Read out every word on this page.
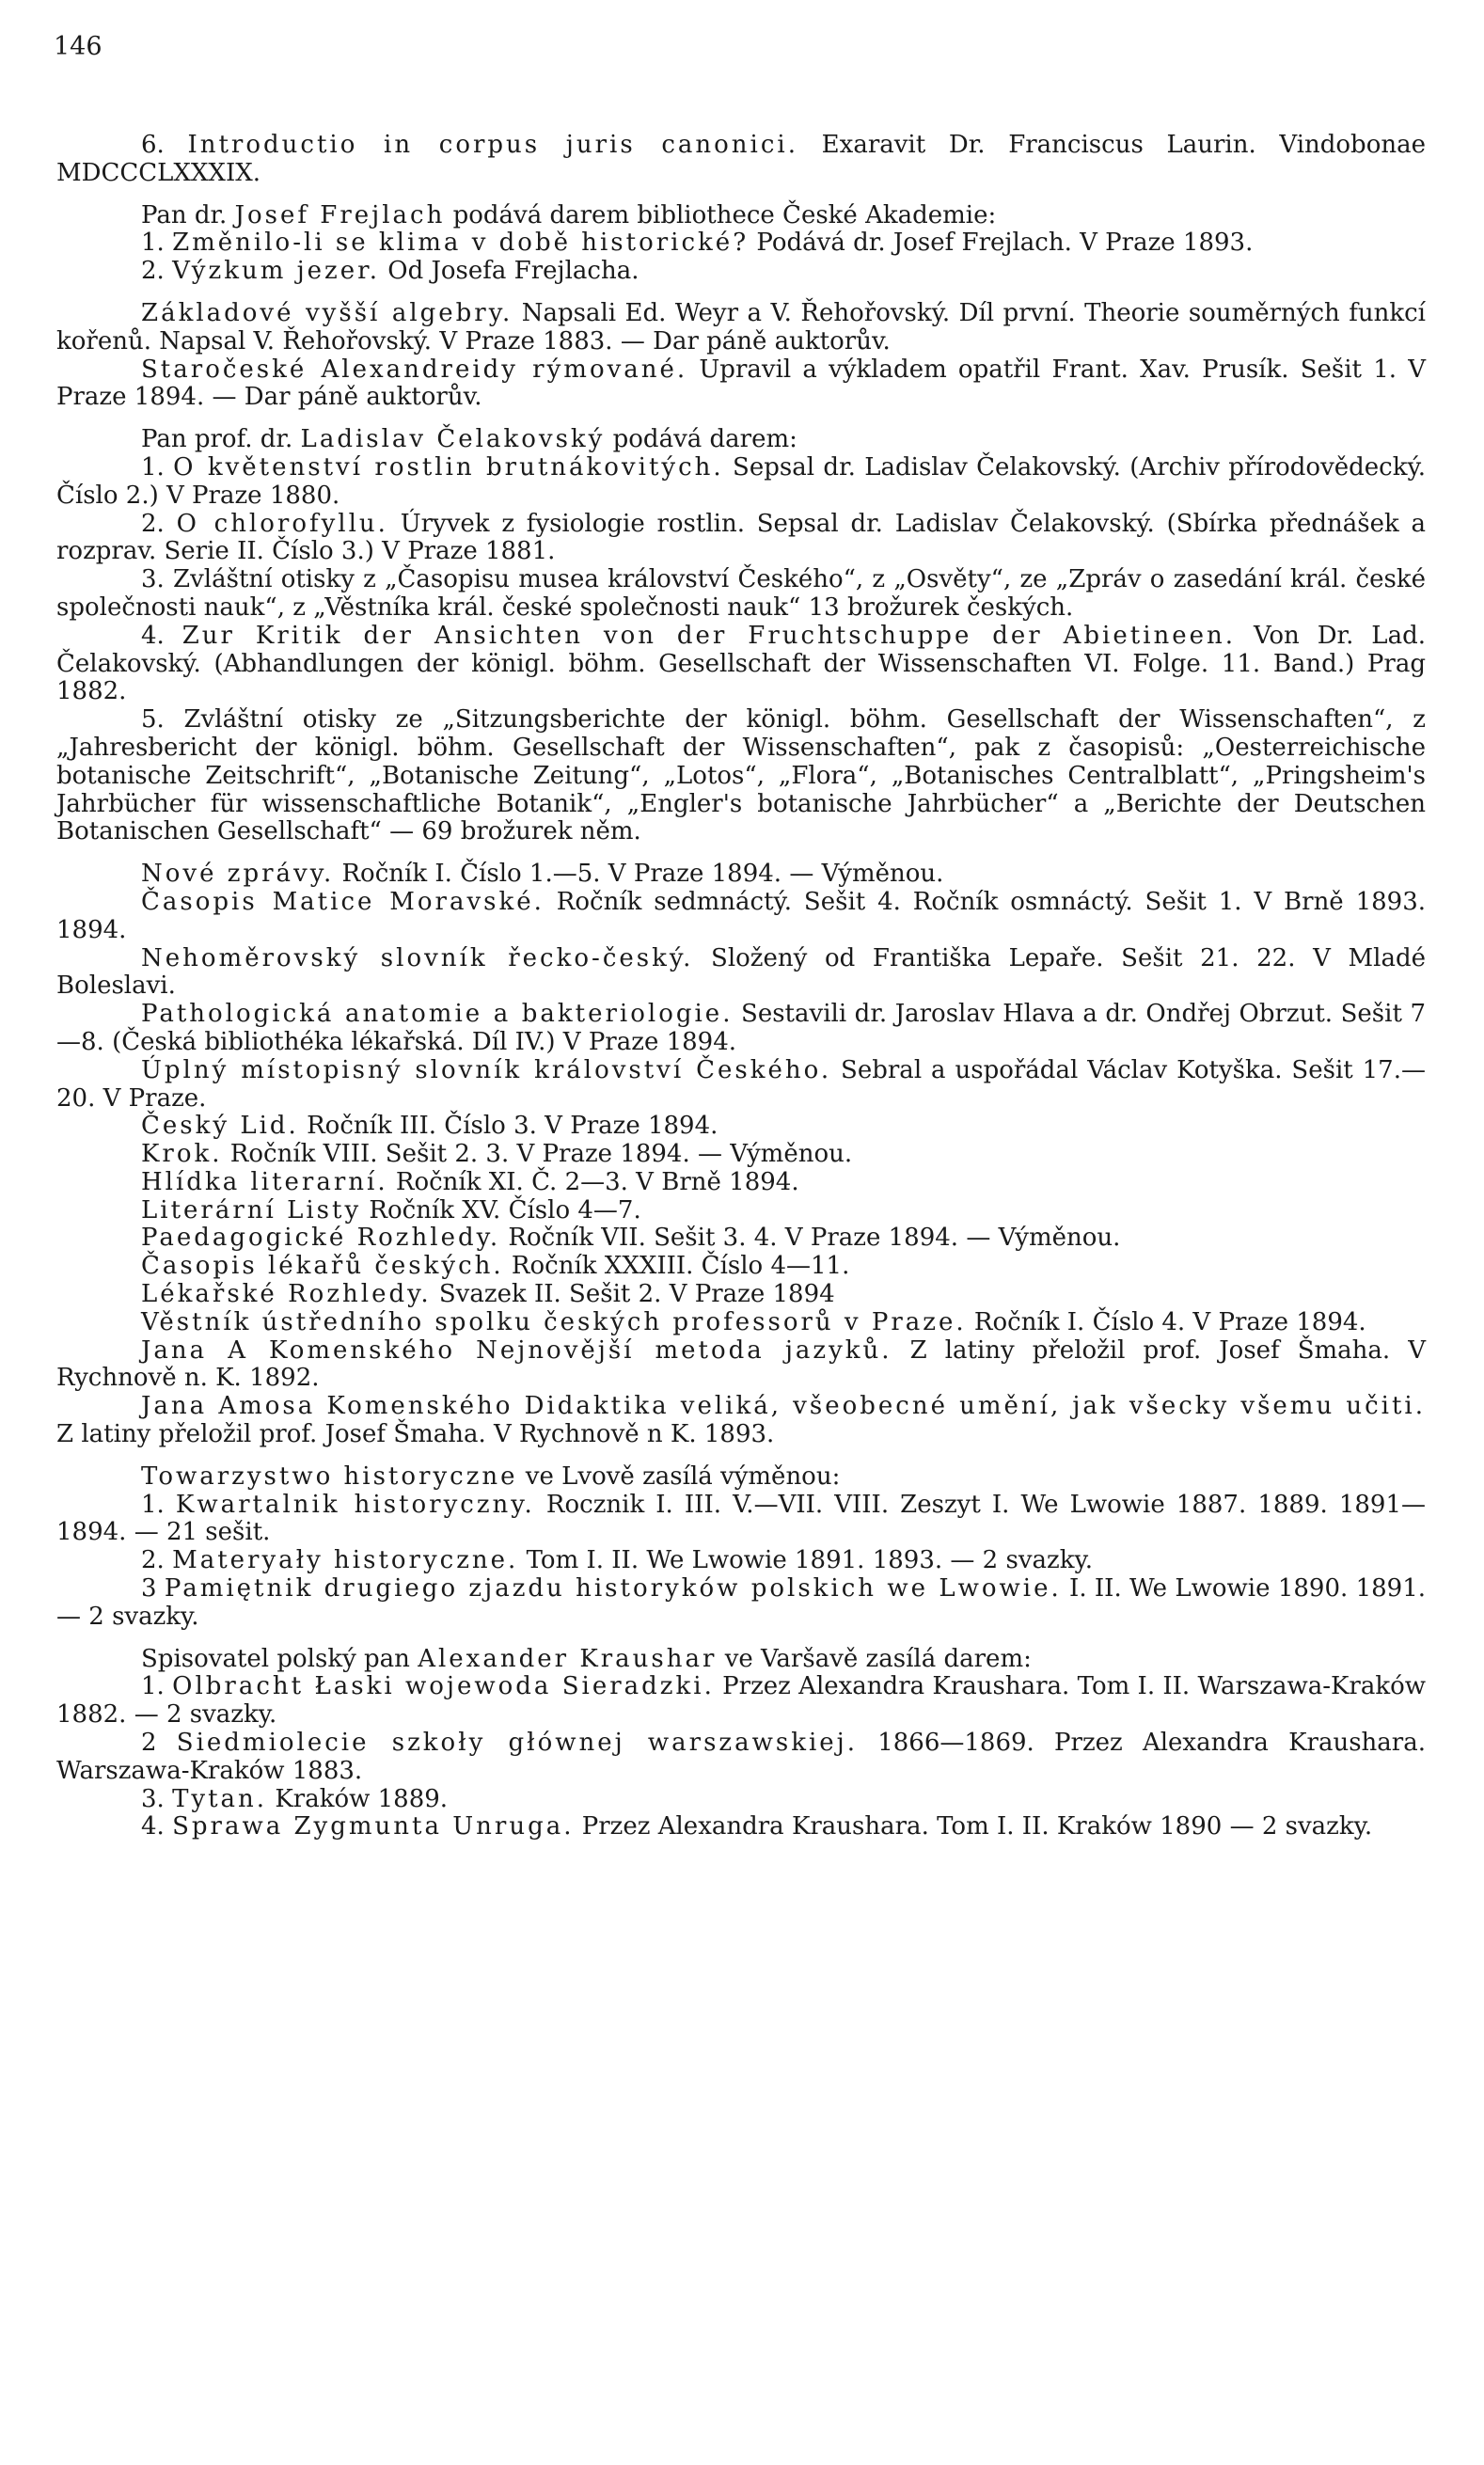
146

6. Introductio in corpus juris canonici. Exaravit Dr. Franciscus Laurin. Vindobonae MDCCCLXXXIX.

Pan dr. Josef Frejlach podává darem bibliothece České Akademie:

1. Změnilo-li se klima v době historické? Podává dr. Josef Frejlach. V Praze 1893.

2. Výzkum jezer. Od Josefa Frejlacha.

Základové vyšší algebry. Napsali Ed. Weyr a V. Řehořovský. Díl první. Theorie souměrných funkcí kořenů. Napsal V. Řehořovský. V Praze 1883. — Dar páně auktorův.

Staročeské Alexandreidy rýmované. Upravil a výkladem opatřil Frant. Xav. Prusík. Sešit 1. V Praze 1894. — Dar páně auktorův.

Pan prof. dr. Ladislav Čelakovský podává darem:

1. O květenství rostlin brutnákovitých. Sepsal dr. Ladislav Čelakovský. (Archiv přírodovědecký. Číslo 2.) V Praze 1880.

2. O chlorofyllu. Úryvek z fysiologie rostlin. Sepsal dr. Ladislav Čelakovský. (Sbírka přednášek a rozprav. Serie II. Číslo 3.) V Praze 1881.

3. Zvláštní otisky z „Časopisu musea království Českého“, z „Osvěty“, ze „Zpráv o zasedání král. české společnosti nauk“, z „Věstníka král. české společnosti nauk“ 13 brožurek českých.

4. Zur Kritik der Ansichten von der Fruchtschuppe der Abietineen. Von Dr. Lad. Čelakovský. (Abhandlungen der königl. böhm. Gesellschaft der Wissenschaften VI. Folge. 11. Band.) Prag 1882.

5. Zvláštní otisky ze „Sitzungsberichte der königl. böhm. Gesellschaft der Wissenschaften“, z „Jahresbericht der königl. böhm. Gesellschaft der Wissenschaften“, pak z časopisů: „Oesterreichische botanische Zeitschrift“, „Botanische Zeitung“, „Lotos“, „Flora“, „Botanisches Centralblatt“, „Pringsheim's Jahrbücher für wissenschaftliche Botanik“, „Engler's botanische Jahrbücher“ a „Berichte der Deutschen Botanischen Gesellschaft“ — 69 brožurek něm.

Nové zprávy. Ročník I. Číslo 1.—5. V Praze 1894. — Výměnou.

Časopis Matice Moravské. Ročník sedmnáctý. Sešit 4. Ročník osmnáctý. Sešit 1. V Brně 1893. 1894.

Nehoměrovský slovník řecko-český. Složený od Františka Lepaře. Sešit 21. 22. V Mladé Boleslavi.

Pathologická anatomie a bakteriologie. Sestavili dr. Jaroslav Hlava a dr. Ondřej Obrzut. Sešit 7—8. (Česká bibliothéka lékařská. Díl IV.) V Praze 1894.

Úplný místopisný slovník království Českého. Sebral a uspořádal Václav Kotyška. Sešit 17.—20. V Praze.

Český Lid. Ročník III. Číslo 3. V Praze 1894.

Krok. Ročník VIII. Sešit 2. 3. V Praze 1894. — Výměnou.

Hlídka literarní. Ročník XI. Č. 2—3. V Brně 1894.

Literární Listy Ročník XV. Číslo 4—7.

Paedagogické Rozhledy. Ročník VII. Sešit 3. 4. V Praze 1894. — Výměnou.

Časopis lékařů českých. Ročník XXXIII. Číslo 4—11.

Lékařské Rozhledy. Svazek II. Sešit 2. V Praze 1894

Věstník ústředního spolku českých professorů v Praze. Ročník I. Číslo 4. V Praze 1894.

Jana A Komenského Nejnovější metoda jazyků. Z latiny přeložil prof. Josef Šmaha. V Rychnově n. K. 1892.

Jana Amosa Komenského Didaktika veliká, všeobecné umění, jak všecky všemu učiti. Z latiny přeložil prof. Josef Šmaha. V Rychnově n K. 1893.

Towarzystwo historyczne ve Lvově zasílá výměnou:

1. Kwartalnik historyczny. Rocznik I. III. V.—VII. VIII. Zeszyt I. We Lwowie 1887. 1889. 1891—1894. — 21 sešit.

2. Materyały historyczne. Tom I. II. We Lwowie 1891. 1893. — 2 svazky.

3 Pamiętnik drugiego zjazdu historyków polskich we Lwowie. I. II. We Lwowie 1890. 1891. — 2 svazky.

Spisovatel polský pan Alexander Kraushar ve Varšavě zasílá darem:

1. Olbracht Łaski wojewoda Sieradzki. Przez Alexandra Kraushara. Tom I. II. Warszawa-Kraków 1882. — 2 svazky.

2 Siedmiolecie szkoły głównej warszawskiej. 1866—1869. Przez Alexandra Kraushara. Warszawa-Kraków 1883.

3. Tytan. Kraków 1889.

4. Sprawa Zygmunta Unruga. Przez Alexandra Kraushara. Tom I. II. Kraków 1890 — 2 svazky.
